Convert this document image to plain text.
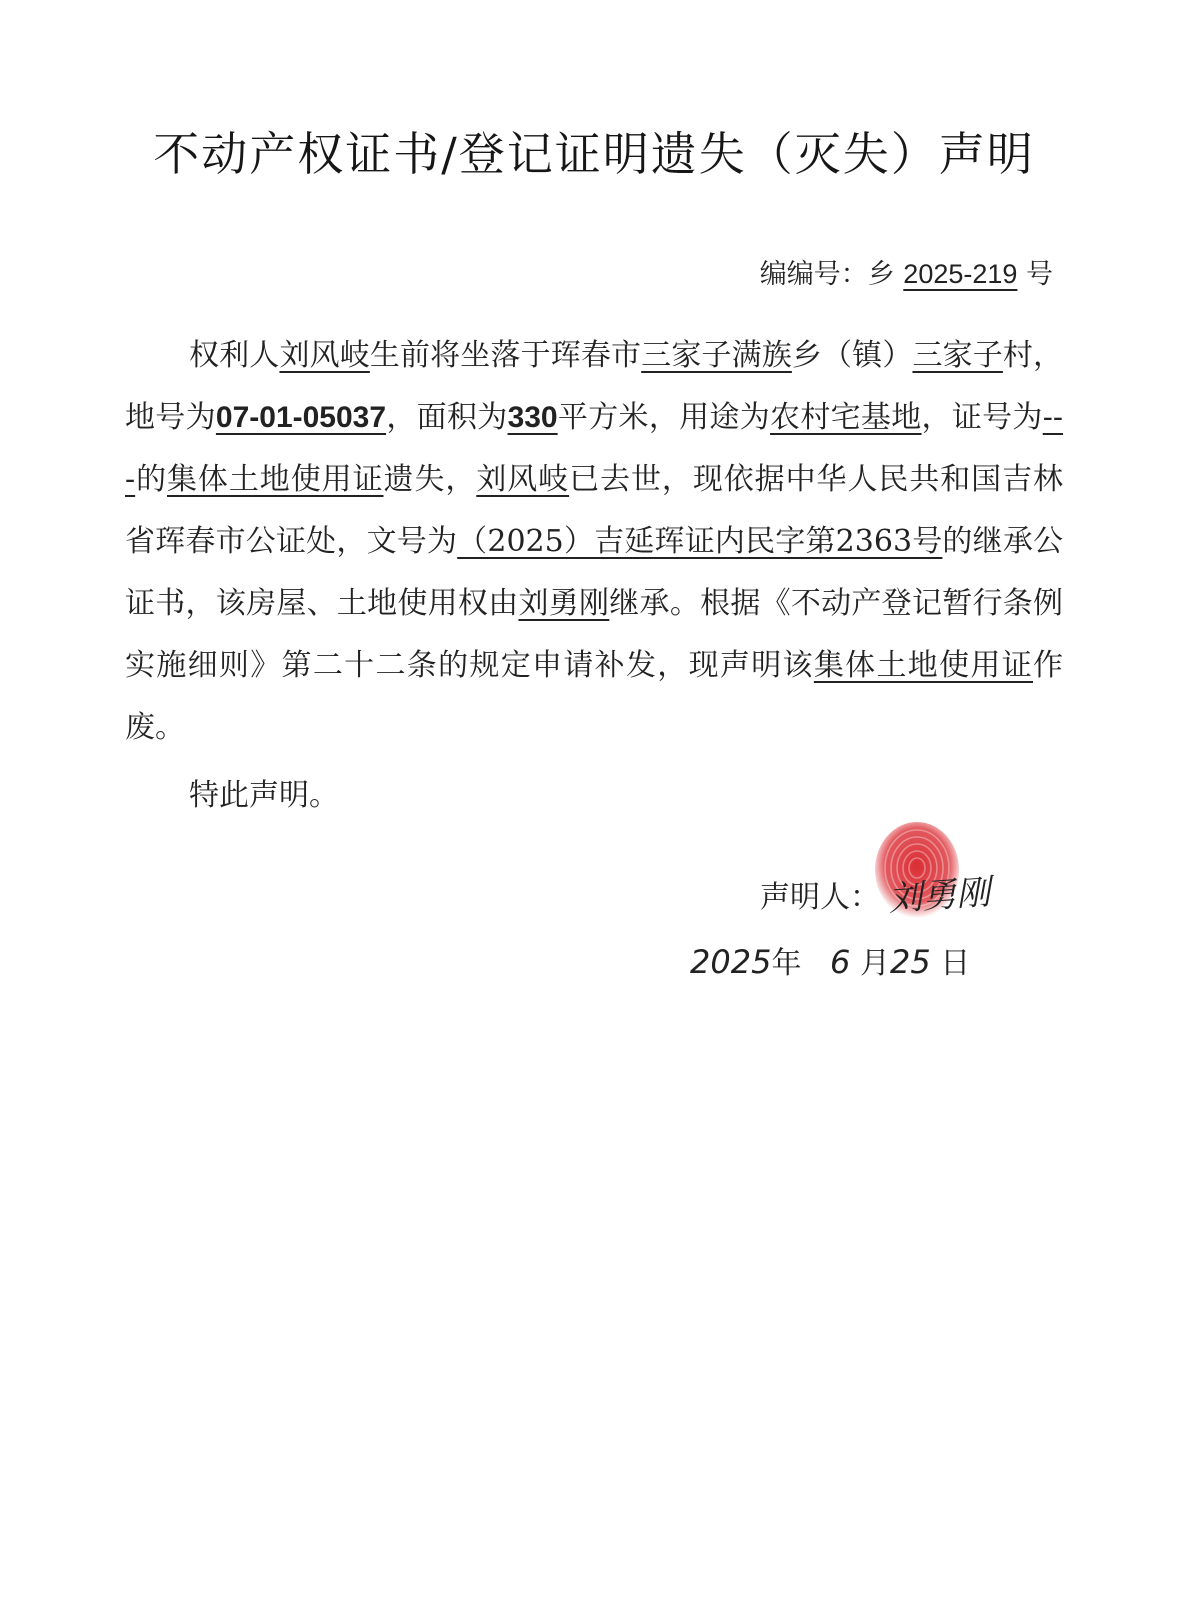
不动产权证书/登记证明遗失（灭失）声明
编编号：乡 2025-219 号
权利人刘风岐生前将坐落于珲春市三家子满族乡（镇）三家子村，地号为07-01-05037，面积为330平方米，用途为农村宅基地，证号为---的集体土地使用证遗失，刘风岐已去世，现依据中华人民共和国吉林省珲春市公证处，文号为（2025）吉延珲证内民字第2363号的继承公证书，该房屋、土地使用权由刘勇刚继承。根据《不动产登记暂行条例实施细则》第二十二条的规定申请补发，现声明该集体土地使用证作废。
特此声明。
声明人： 刘勇刚
2025年 6 月25 日
